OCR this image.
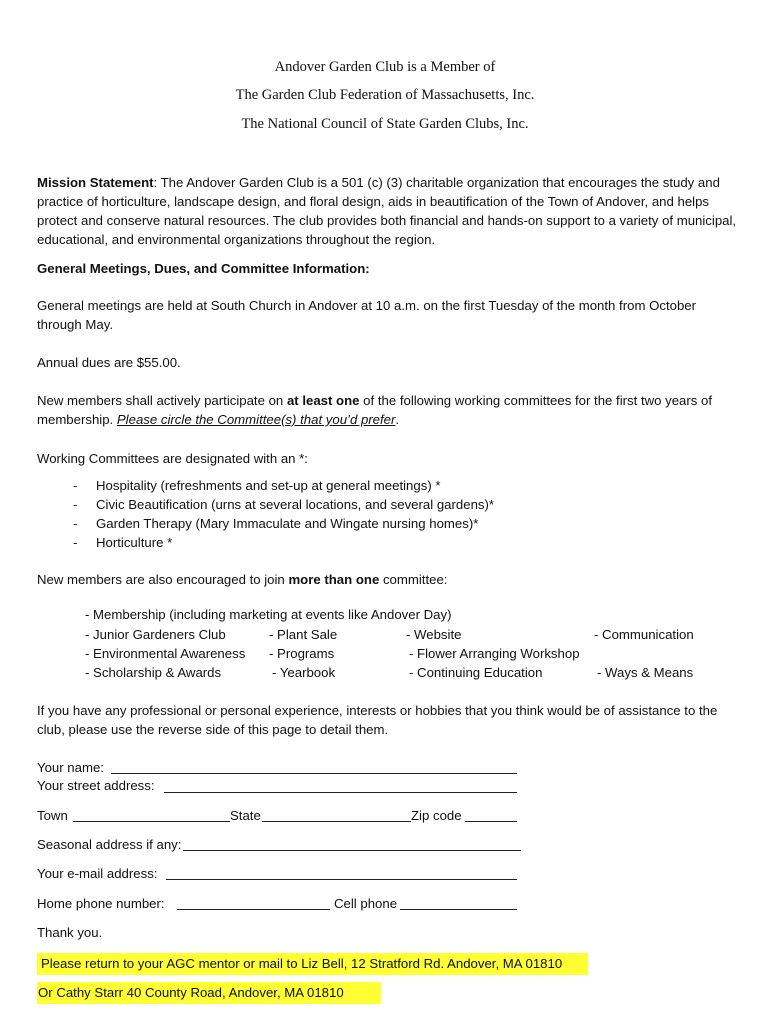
Andover Garden Club is a Member of
The Garden Club Federation of Massachusetts, Inc.
The National Council of State Garden Clubs, Inc.
Mission Statement: The Andover Garden Club is a 501 (c) (3) charitable organization that encourages the study and practice of horticulture, landscape design, and floral design, aids in beautification of the Town of Andover, and helps protect and conserve natural resources. The club provides both financial and hands-on support to a variety of municipal, educational, and environmental organizations throughout the region.
General Meetings, Dues, and Committee Information:
General meetings are held at South Church in Andover at 10 a.m. on the first Tuesday of the month from October through May.
Annual dues are $55.00.
New members shall actively participate on at least one of the following working committees for the first two years of membership. Please circle the Committee(s) that you’d prefer.
Working Committees are designated with an *:
- Hospitality (refreshments and set-up at general meetings) *
- Civic Beautification (urns at several locations, and several gardens)*
- Garden Therapy (Mary Immaculate and Wingate nursing homes)*
- Horticulture *
New members are also encouraged to join more than one committee:
- Membership (including marketing at events like Andover Day)
- Junior Gardeners Club	- Plant Sale	- Website	- Communication
- Environmental Awareness - Programs	- Flower Arranging Workshop
- Scholarship & Awards	- Yearbook	- Continuing Education	- Ways & Means
If you have any professional or personal experience, interests or hobbies that you think would be of assistance to the club, please use the reverse side of this page to detail them.
Your name:
Your street address:
Town	State	Zip code
Seasonal address if any:
Your e-mail address:
Home phone number:	Cell phone
Thank you.
Please return to your AGC mentor or mail to Liz Bell, 12 Stratford Rd. Andover, MA 01810
Or Cathy Starr 40 County Road, Andover, MA 01810
